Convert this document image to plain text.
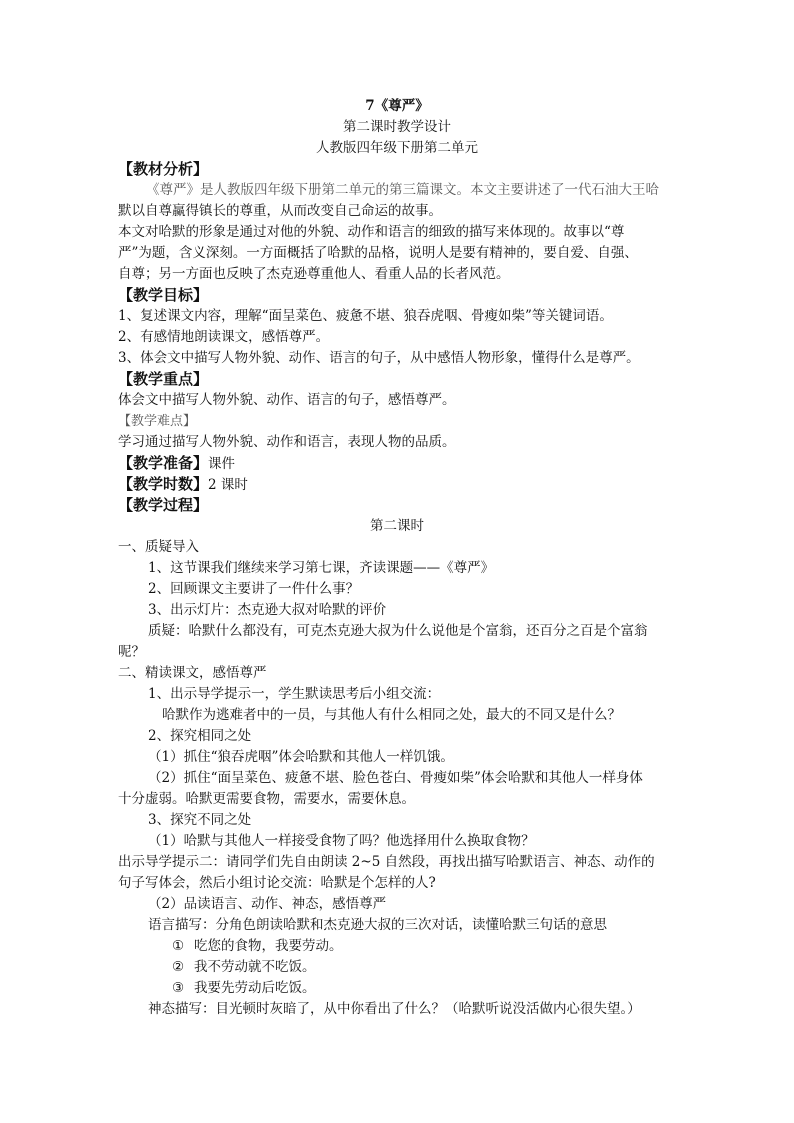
7《尊严》
第二课时教学设计
人教版四年级下册第二单元
【教材分析】
《尊严》是人教版四年级下册第二单元的第三篇课文。本文主要讲述了一代石油大王哈
默以自尊赢得镇长的尊重，从而改变自己命运的故事。
本文对哈默的形象是通过对他的外貌、动作和语言的细致的描写来体现的。故事以“尊
严”为题，含义深刻。一方面概括了哈默的品格，说明人是要有精神的，要自爱、自强、
自尊；另一方面也反映了杰克逊尊重他人、看重人品的长者风范。
【教学目标】
1、复述课文内容，理解“面呈菜色、疲惫不堪、狼吞虎咽、骨瘦如柴”等关键词语。
2、有感情地朗读课文，感悟尊严。
3、体会文中描写人物外貌、动作、语言的句子，从中感悟人物形象，懂得什么是尊严。
【教学重点】
体会文中描写人物外貌、动作、语言的句子，感悟尊严。
【教学难点】
学习通过描写人物外貌、动作和语言，表现人物的品质。
【教学准备】课件
【教学时数】2 课时
【教学过程】
第二课时
一、质疑导入
1、这节课我们继续来学习第七课，齐读课题——《尊严》
2、回顾课文主要讲了一件什么事？
3、出示灯片：杰克逊大叔对哈默的评价
质疑：哈默什么都没有，可克杰克逊大叔为什么说他是个富翁，还百分之百是个富翁
呢？
二、精读课文，感悟尊严
1、出示导学提示一，学生默读思考后小组交流：
哈默作为逃难者中的一员，与其他人有什么相同之处，最大的不同又是什么？
2、探究相同之处
（1）抓住“狼吞虎咽”体会哈默和其他人一样饥饿。
（2）抓住“面呈菜色、疲惫不堪、脸色苍白、骨瘦如柴”体会哈默和其他人一样身体
十分虚弱。哈默更需要食物，需要水，需要休息。
3、探究不同之处
（1）哈默与其他人一样接受食物了吗？他选择用什么换取食物？
出示导学提示二：请同学们先自由朗读 2~5 自然段，再找出描写哈默语言、神态、动作的
句子写体会，然后小组讨论交流：哈默是个怎样的人?
（2）品读语言、动作、神态，感悟尊严
语言描写：分角色朗读哈默和杰克逊大叔的三次对话，读懂哈默三句话的意思
① 吃您的食物，我要劳动。
② 我不劳动就不吃饭。
③ 我要先劳动后吃饭。
神态描写：目光顿时灰暗了，从中你看出了什么？（哈默听说没活做内心很失望。）
